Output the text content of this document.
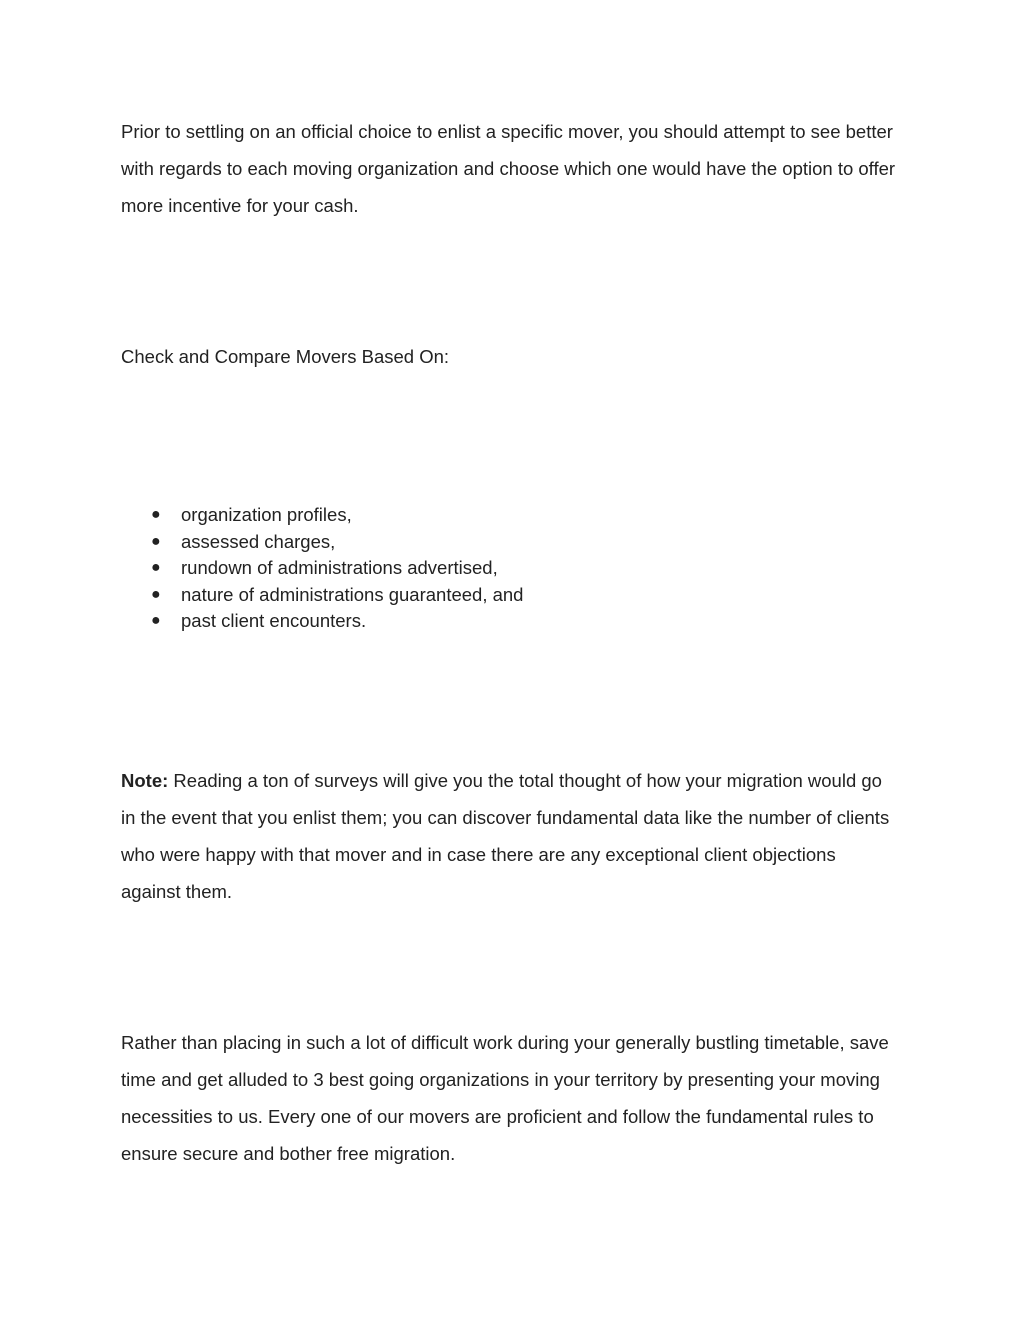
Prior to settling on an official choice to enlist a specific mover, you should attempt to see better with regards to each moving organization and choose which one would have the option to offer more incentive for your cash.

Check and Compare Movers Based On:

● organization profiles,
● assessed charges,
● rundown of administrations advertised,
● nature of administrations guaranteed, and
● past client encounters.

Note: Reading a ton of surveys will give you the total thought of how your migration would go in the event that you enlist them; you can discover fundamental data like the number of clients who were happy with that mover and in case there are any exceptional client objections against them.

Rather than placing in such a lot of difficult work during your generally bustling timetable, save time and get alluded to 3 best going organizations in your territory by presenting your moving necessities to us. Every one of our movers are proficient and follow the fundamental rules to ensure secure and bother free migration.
